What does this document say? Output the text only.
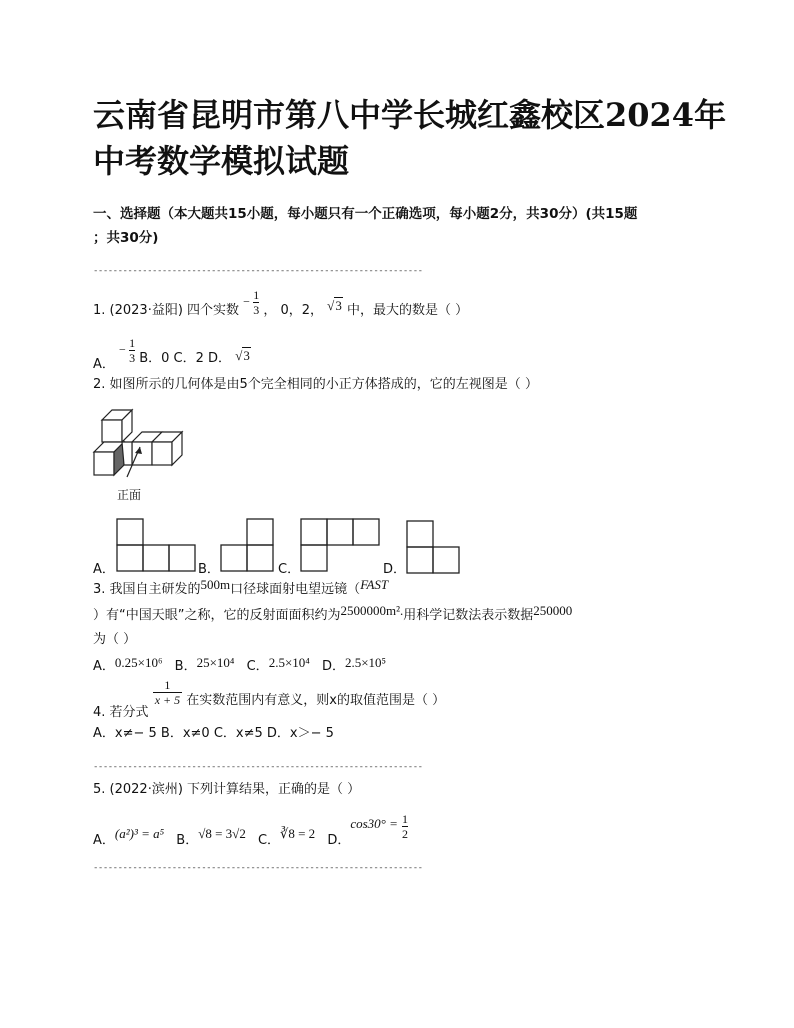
云南省昆明市第八中学长城红鑫校区2024年
中考数学模拟试题
一、选择题（本大题共15小题，每小题只有一个正确选项，每小题2分，共30分）(共15题
；共30分)
-------------------------------------------------------------------
1. (2023·益阳) 四个实数 − $\frac{1}{3}$ ， 0，2， √3 中，最大的数是（ ）
A． − $\frac{1}{3}$ B．0 C．2 D． √3
2. 如图所示的几何体是由5个完全相同的小正方体搭成的，它的左视图是（ ）
正面
A．	B．	C．	D．
3. 我国自主研发的500m口径球面射电望远镜（FAST
）有“中国天眼”之称，它的反射面面积约为2500000m².用科学记数法表示数据250000
为（ ）
A．0.25×10⁶ B．25×10⁴ C．2.5×10⁴ D．2.5×10⁵
4. 若分式
$\frac{1}{x + 5}$ 在实数范围内有意义，则x的取值范围是（ ）
A．x≠− 5 B．x≠0 C．x≠5 D．x＞− 5
-------------------------------------------------------------------
5. (2022·滨州) 下列计算结果，正确的是（ ）
A．(a²)³ = a⁵ B．√8 = 3√2 C．∛8 = 2 D．$\cos 30^\circ = \frac{1}{2}$
-------------------------------------------------------------------
